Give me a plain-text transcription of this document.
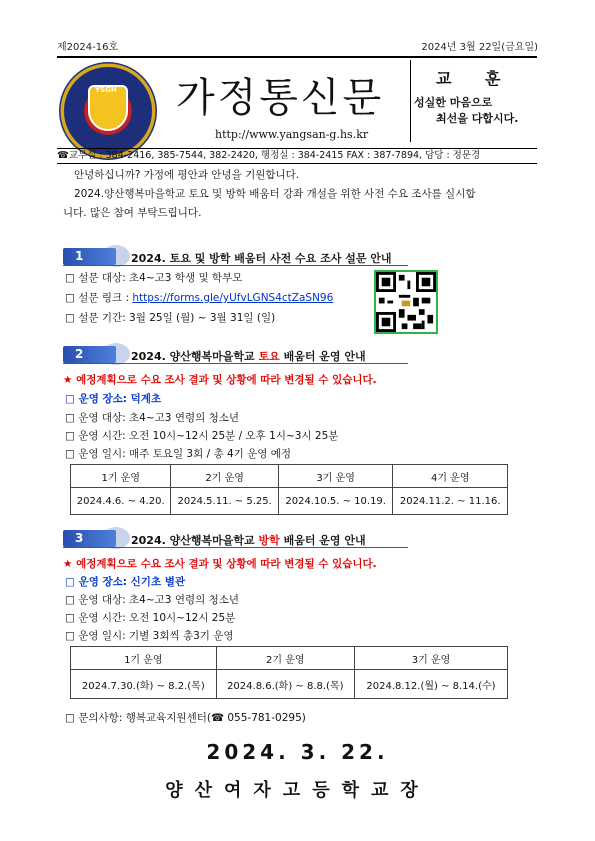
제2024-16호	2024년 3월 22일(금요일)
YSGH 가정통신문
http://www.yangsan-g.hs.kr
교 훈
성실한 마음으로
최선을 다합시다.
☎교무실 : 384-2416, 385-7544, 382-2420, 행정실 : 384-2415 FAX : 387-7894, 담당 : 정문경
안녕하십니까? 가정에 평안과 안녕을 기원합니다.
2024.양산행복마을학교 토요 및 방학 배움터 강좌 개설을 위한 사전 수요 조사를 실시합
니다. 많은 참여 부탁드립니다.
1	2024. 토요 및 방학 배움터 사전 수요 조사 설문 안내
□ 설문 대상: 초4~고3 학생 및 학부모
□ 설문 링크 : https://forms.gle/yUfvLGNS4ctZaSN96
□ 설문 기간: 3월 25일 (월) ~ 3월 31일 (일)
2	2024. 양산행복마을학교 토요 배움터 운영 안내
★ 예정계획으로 수요 조사 결과 및 상황에 따라 변경될 수 있습니다.
□ 운영 장소: 덕계초
□ 운영 대상: 초4~고3 연령의 청소년
□ 운영 시간: 오전 10시~12시 25분 / 오후 1시~3시 25분
□ 운영 일시: 매주 토요일 3회 / 총 4기 운영 예정
1기 운영	2기 운영	3기 운영	4기 운영
2024.4.6. ~ 4.20.	2024.5.11. ~ 5.25.	2024.10.5. ~ 10.19.	2024.11.2. ~ 11.16.
3	2024. 양산행복마을학교 방학 배움터 운영 안내
★ 예정계획으로 수요 조사 결과 및 상황에 따라 변경될 수 있습니다.
□ 운영 장소: 신기초 별관
□ 운영 대상: 초4~고3 연령의 청소년
□ 운영 시간: 오전 10시~12시 25분
□ 운영 일시: 기별 3회씩 총3기 운영
1기 운영	2기 운영	3기 운영
2024.7.30.(화) ~ 8.2.(목)	2024.8.6.(화) ~ 8.8.(목)	2024.8.12.(월) ~ 8.14.(수)
□ 문의사항: 행복교육지원센터(☎ 055-781-0295)
2024. 3. 22.
양산여자고등학교장
